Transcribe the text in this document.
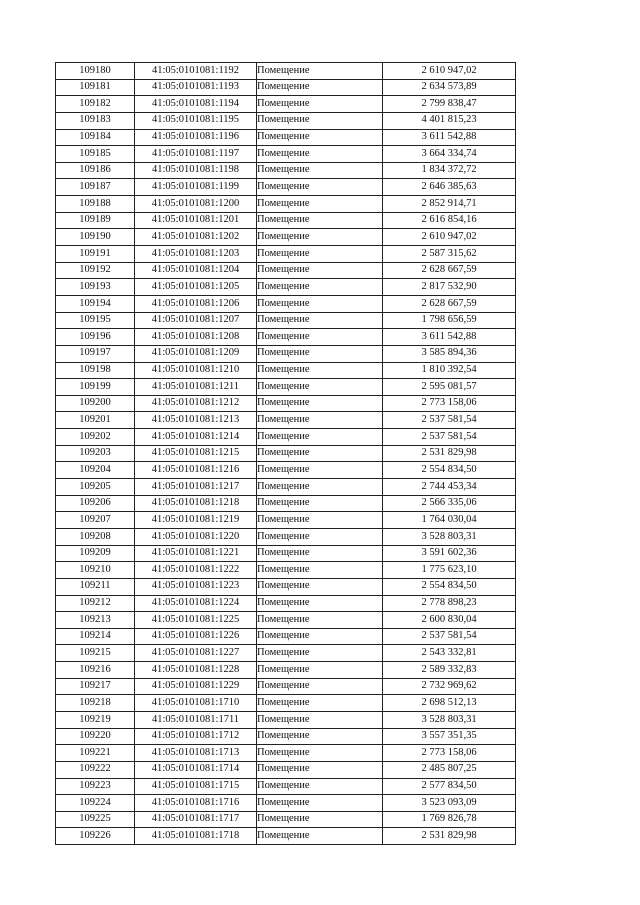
109180	41:05:0101081:1192	Помещение	2 610 947,02
109181	41:05:0101081:1193	Помещение	2 634 573,89
109182	41:05:0101081:1194	Помещение	2 799 838,47
109183	41:05:0101081:1195	Помещение	4 401 815,23
109184	41:05:0101081:1196	Помещение	3 611 542,88
109185	41:05:0101081:1197	Помещение	3 664 334,74
109186	41:05:0101081:1198	Помещение	1 834 372,72
109187	41:05:0101081:1199	Помещение	2 646 385,63
109188	41:05:0101081:1200	Помещение	2 852 914,71
109189	41:05:0101081:1201	Помещение	2 616 854,16
109190	41:05:0101081:1202	Помещение	2 610 947,02
109191	41:05:0101081:1203	Помещение	2 587 315,62
109192	41:05:0101081:1204	Помещение	2 628 667,59
109193	41:05:0101081:1205	Помещение	2 817 532,90
109194	41:05:0101081:1206	Помещение	2 628 667,59
109195	41:05:0101081:1207	Помещение	1 798 656,59
109196	41:05:0101081:1208	Помещение	3 611 542,88
109197	41:05:0101081:1209	Помещение	3 585 894,36
109198	41:05:0101081:1210	Помещение	1 810 392,54
109199	41:05:0101081:1211	Помещение	2 595 081,57
109200	41:05:0101081:1212	Помещение	2 773 158,06
109201	41:05:0101081:1213	Помещение	2 537 581,54
109202	41:05:0101081:1214	Помещение	2 537 581,54
109203	41:05:0101081:1215	Помещение	2 531 829,98
109204	41:05:0101081:1216	Помещение	2 554 834,50
109205	41:05:0101081:1217	Помещение	2 744 453,34
109206	41:05:0101081:1218	Помещение	2 566 335,06
109207	41:05:0101081:1219	Помещение	1 764 030,04
109208	41:05:0101081:1220	Помещение	3 528 803,31
109209	41:05:0101081:1221	Помещение	3 591 602,36
109210	41:05:0101081:1222	Помещение	1 775 623,10
109211	41:05:0101081:1223	Помещение	2 554 834,50
109212	41:05:0101081:1224	Помещение	2 778 898,23
109213	41:05:0101081:1225	Помещение	2 600 830,04
109214	41:05:0101081:1226	Помещение	2 537 581,54
109215	41:05:0101081:1227	Помещение	2 543 332,81
109216	41:05:0101081:1228	Помещение	2 589 332,83
109217	41:05:0101081:1229	Помещение	2 732 969,62
109218	41:05:0101081:1710	Помещение	2 698 512,13
109219	41:05:0101081:1711	Помещение	3 528 803,31
109220	41:05:0101081:1712	Помещение	3 557 351,35
109221	41:05:0101081:1713	Помещение	2 773 158,06
109222	41:05:0101081:1714	Помещение	2 485 807,25
109223	41:05:0101081:1715	Помещение	2 577 834,50
109224	41:05:0101081:1716	Помещение	3 523 093,09
109225	41:05:0101081:1717	Помещение	1 769 826,78
109226	41:05:0101081:1718	Помещение	2 531 829,98
